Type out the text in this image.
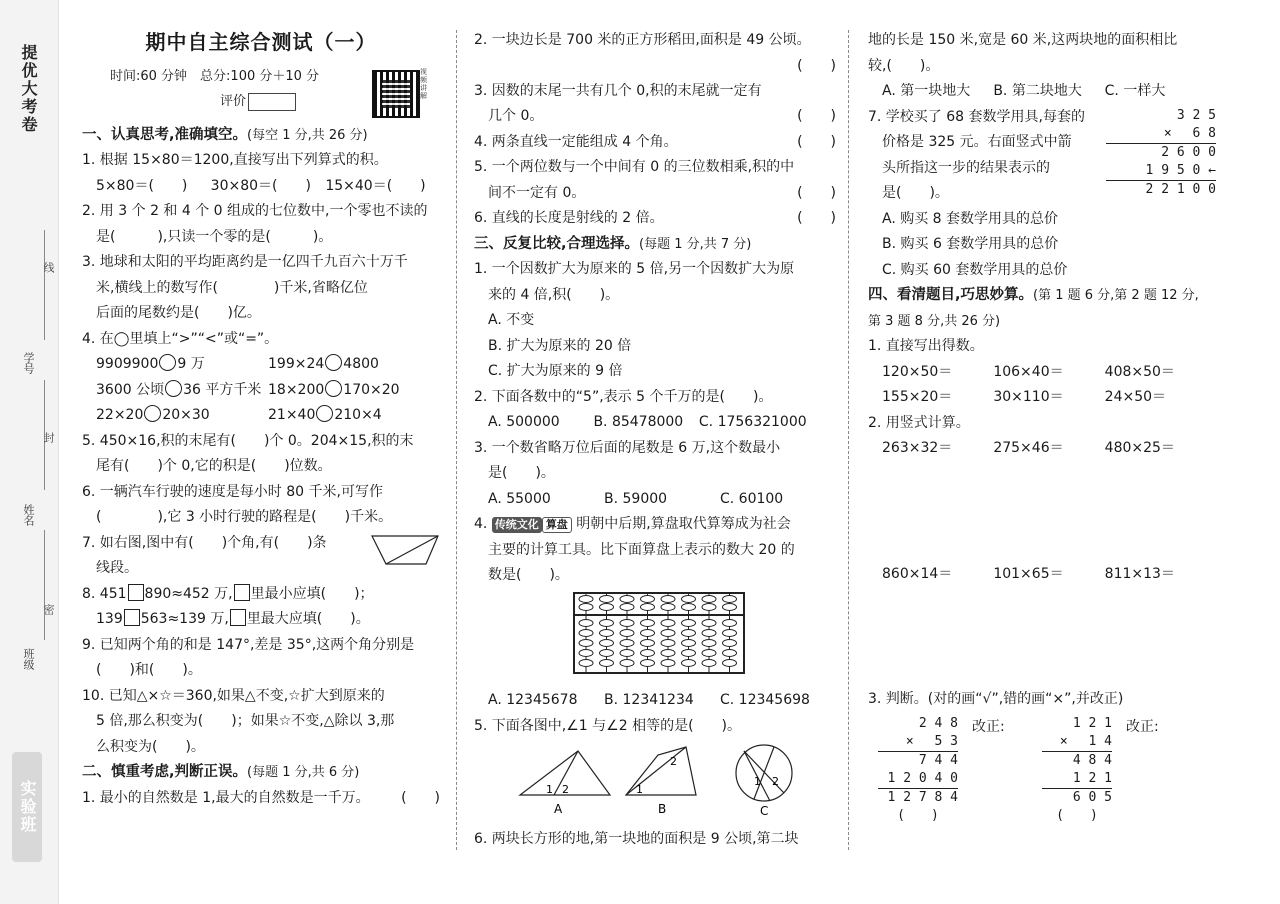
提优大考卷
学号
姓名
班级
线
封
密
实验班
视频讲解
期中自主综合测试（一）
时间:60 分钟　总分:100 分＋10 分
评价
一、认真思考,准确填空。(每空 1 分,共 26 分)
1. 根据 15×80＝1200,直接写出下列算式的积。
5×80＝(　　)	30×80＝(　　)	15×40＝(　　)
2. 用 3 个 2 和 4 个 0 组成的七位数中,一个零也不读的
是(　　　),只读一个零的是(　　　)。
3. 地球和太阳的平均距离约是一亿四千九百六十万千
米,横线上的数写作(　　　　)千米,省略亿位
后面的尾数约是(　　)亿。
4. 在◯里填上“>”“<”或“=”。
9909900 9 万	199×24 4800
3600 公顷 36 平方千米 18×200 170×20
22×20 20×30	21×40 210×4
5. 450×16,积的末尾有(　　)个 0。204×15,积的末
尾有(　　)个 0,它的积是(　　)位数。
6. 一辆汽车行驶的速度是每小时 80 千米,可写作
(　　　　),它 3 小时行驶的路程是(　　)千米。
7. 如右图,图中有(　　)个角,有(　　)条
线段。
8. 451 890≈452 万, 里最小应填(　　)；
139 563≈139 万, 里最大应填(　　)。
9. 已知两个角的和是 147°,差是 35°,这两个角分别是
(　　)和(　　)。
10. 已知△×☆＝360,如果△不变,☆扩大到原来的
5 倍,那么积变为(　　)；如果☆不变,△除以 3,那
么积变为(　　)。
二、慎重考虑,判断正误。(每题 1 分,共 6 分)
1. 最小的自然数是 1,最大的自然数是一千万。 (　　)
2. 一块边长是 700 米的正方形稻田,面积是 49 公顷。
(　　)
3. 因数的末尾一共有几个 0,积的末尾就一定有
几个 0。	(　　)
4. 两条直线一定能组成 4 个角。	(　　)
5. 一个两位数与一个中间有 0 的三位数相乘,积的中
间不一定有 0。	(　　)
6. 直线的长度是射线的 2 倍。	(　　)
三、反复比较,合理选择。(每题 1 分,共 7 分)
1. 一个因数扩大为原来的 5 倍,另一个因数扩大为原
来的 4 倍,积(　　)。
A. 不变
B. 扩大为原来的 20 倍
C. 扩大为原来的 9 倍
2. 下面各数中的“5”,表示 5 个千万的是(　　)。
A. 500000	B. 85478000	C. 1756321000
3. 一个数省略万位后面的尾数是 6 万,这个数最小
是(　　)。
A. 55000	B. 59000	C. 60100
4. 传统文化 算盘 明朝中后期,算盘取代算筹成为社会
主要的计算工具。比下面算盘上表示的数大 20 的
数是(　　)。
A. 12345678	B. 12341234	C. 12345698
5. 下面各图中,∠1 与∠2 相等的是(　　)。
1 2
A
1
2
B
1 2
C
6. 两块长方形的地,第一块地的面积是 9 公顷,第二块
地的长是 150 米,宽是 60 米,这两块地的面积相比
较,(　　)。
A. 第一块地大	B. 第二块地大	C. 一样大
7. 学校买了 68 套数学用具,每套的
价格是 325 元。右面竖式中箭
头所指这一步的结果表示的
是(　　)。
3 2 5
× 　6 8
2 6 0 0
1 9 5 0 ←
2 2 1 0 0
A. 购买 8 套数学用具的总价
B. 购买 6 套数学用具的总价
C. 购买 60 套数学用具的总价
四、看清题目,巧思妙算。(第 1 题 6 分,第 2 题 12 分,
第 3 题 8 分,共 26 分)
1. 直接写出得数。
120×50＝	106×40＝	408×50＝
155×20＝	30×110＝	24×50＝
2. 用竖式计算。
263×32＝	275×46＝	480×25＝
860×14＝	101×65＝	811×13＝
3. 判断。(对的画“√”,错的画“×”,并改正)
2 4 8
× 　5 3
7 4 4
1 2 0 4 0
1 2 7 8 4
(　　)
改正:	1 2 1
× 　1 4
4 8 4
1 2 1
6 0 5
(　　)
改正:
